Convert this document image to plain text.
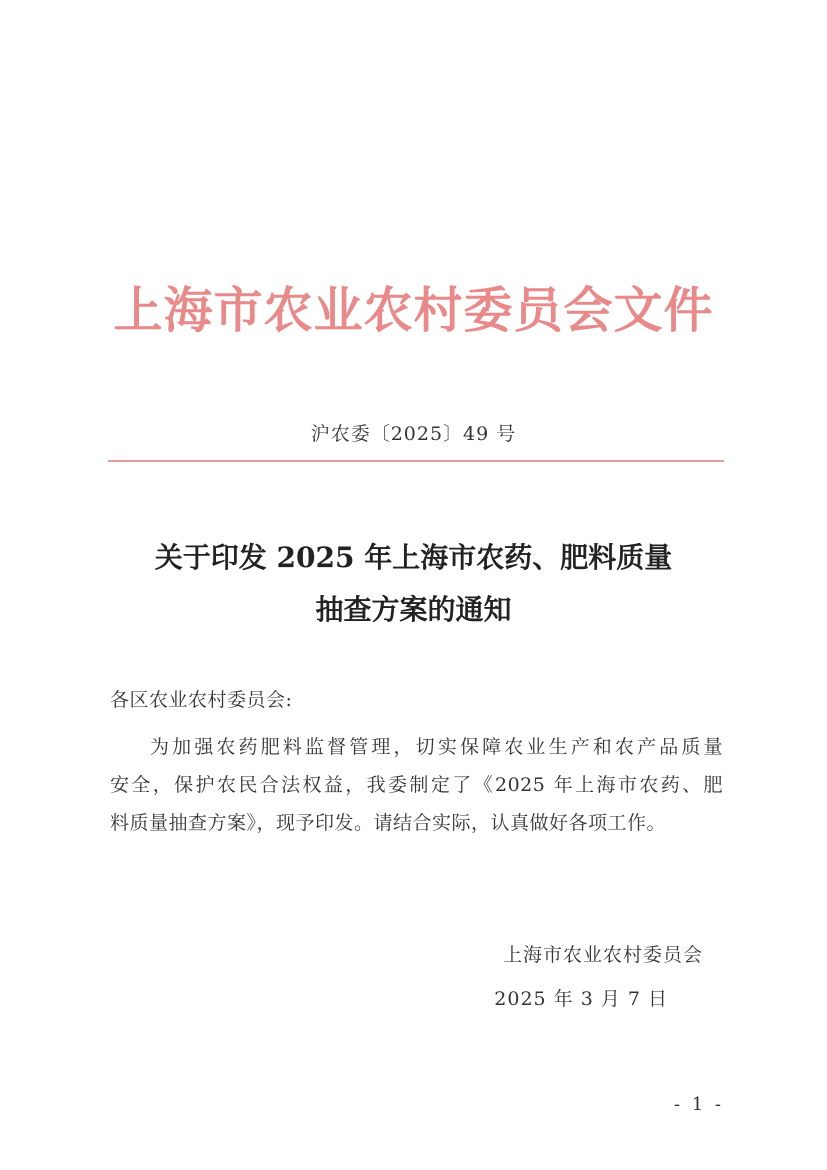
上海市农业农村委员会文件
沪农委〔2025〕49 号
关于印发 2025 年上海市农药、肥料质量
抽查方案的通知
各区农业农村委员会:
为加强农药肥料监督管理，切实保障农业生产和农产品质量
安全，保护农民合法权益，我委制定了《2025 年上海市农药、肥
料质量抽查方案》，现予印发。请结合实际，认真做好各项工作。
上海市农业农村委员会
2025 年 3 月 7 日
- 1 -
